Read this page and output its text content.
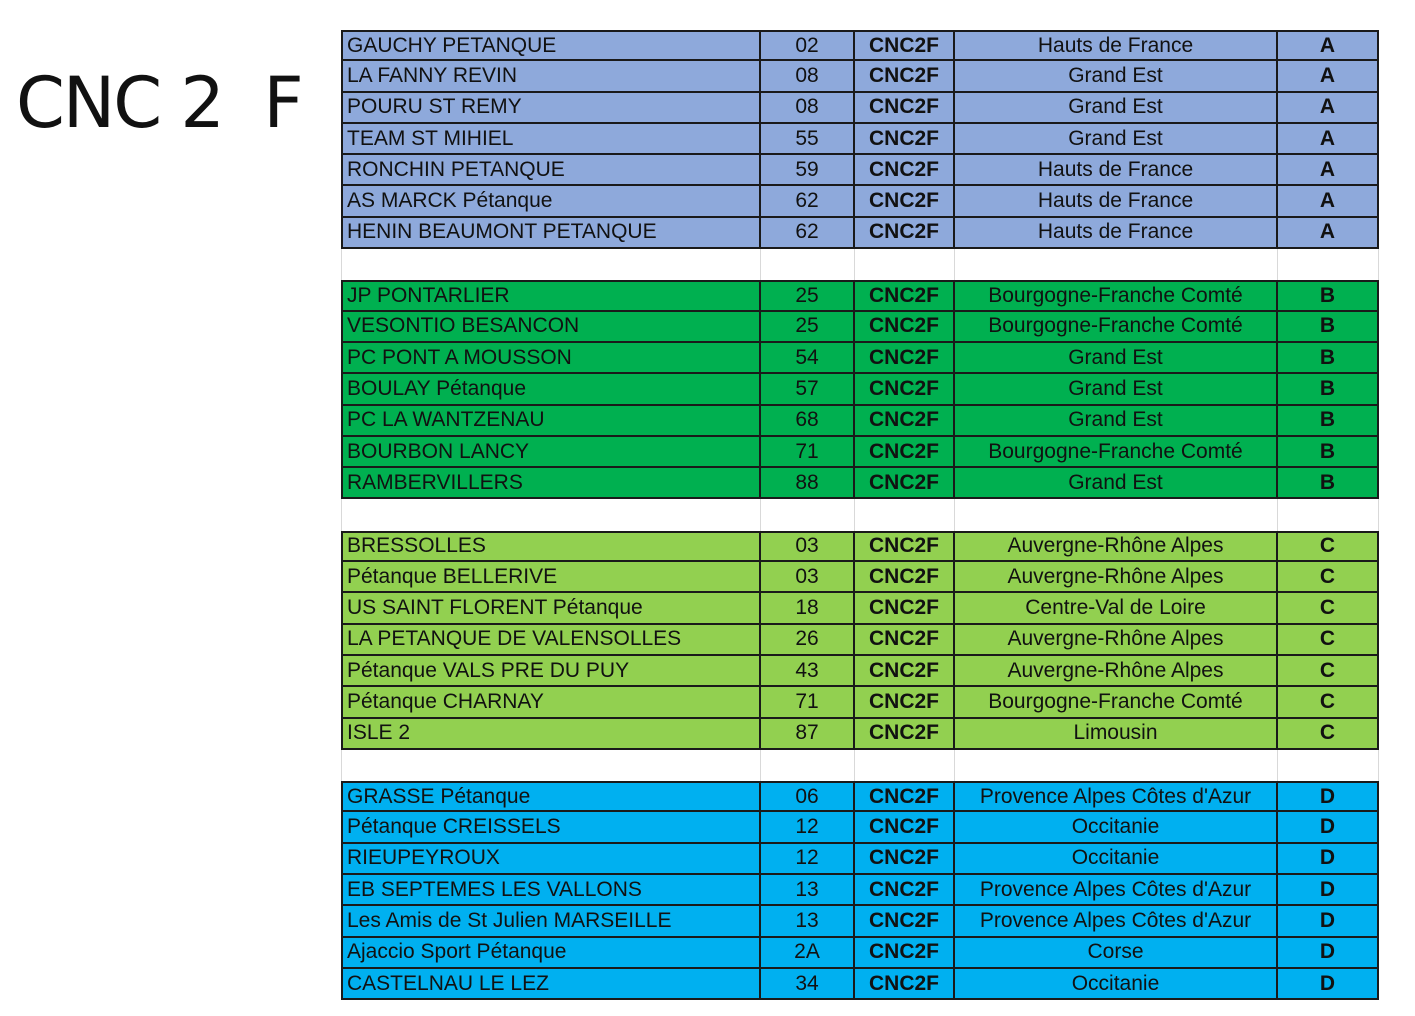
CNC 2  F
GAUCHY PETANQUE	02	CNC2F	Hauts de France	A
LA FANNY REVIN	08	CNC2F	Grand Est	A
POURU ST REMY	08	CNC2F	Grand Est	A
TEAM ST MIHIEL	55	CNC2F	Grand Est	A
RONCHIN PETANQUE	59	CNC2F	Hauts de France	A
AS MARCK Pétanque	62	CNC2F	Hauts de France	A
HENIN BEAUMONT PETANQUE	62	CNC2F	Hauts de France	A
JP PONTARLIER	25	CNC2F	Bourgogne-Franche Comté	B
VESONTIO BESANCON	25	CNC2F	Bourgogne-Franche Comté	B
PC PONT A MOUSSON	54	CNC2F	Grand Est	B
BOULAY Pétanque	57	CNC2F	Grand Est	B
PC LA WANTZENAU	68	CNC2F	Grand Est	B
BOURBON LANCY	71	CNC2F	Bourgogne-Franche Comté	B
RAMBERVILLERS	88	CNC2F	Grand Est	B
BRESSOLLES	03	CNC2F	Auvergne-Rhône Alpes	C
Pétanque BELLERIVE	03	CNC2F	Auvergne-Rhône Alpes	C
US SAINT FLORENT Pétanque	18	CNC2F	Centre-Val de Loire	C
LA PETANQUE DE VALENSOLLES	26	CNC2F	Auvergne-Rhône Alpes	C
Pétanque VALS PRE DU PUY	43	CNC2F	Auvergne-Rhône Alpes	C
Pétanque CHARNAY	71	CNC2F	Bourgogne-Franche Comté	C
ISLE 2	87	CNC2F	Limousin	C
GRASSE Pétanque	06	CNC2F	Provence Alpes Côtes d'Azur	D
Pétanque CREISSELS	12	CNC2F	Occitanie	D
RIEUPEYROUX	12	CNC2F	Occitanie	D
EB SEPTEMES LES VALLONS	13	CNC2F	Provence Alpes Côtes d'Azur	D
Les Amis de St Julien MARSEILLE	13	CNC2F	Provence Alpes Côtes d'Azur	D
Ajaccio Sport Pétanque	2A	CNC2F	Corse	D
CASTELNAU LE LEZ	34	CNC2F	Occitanie	D
